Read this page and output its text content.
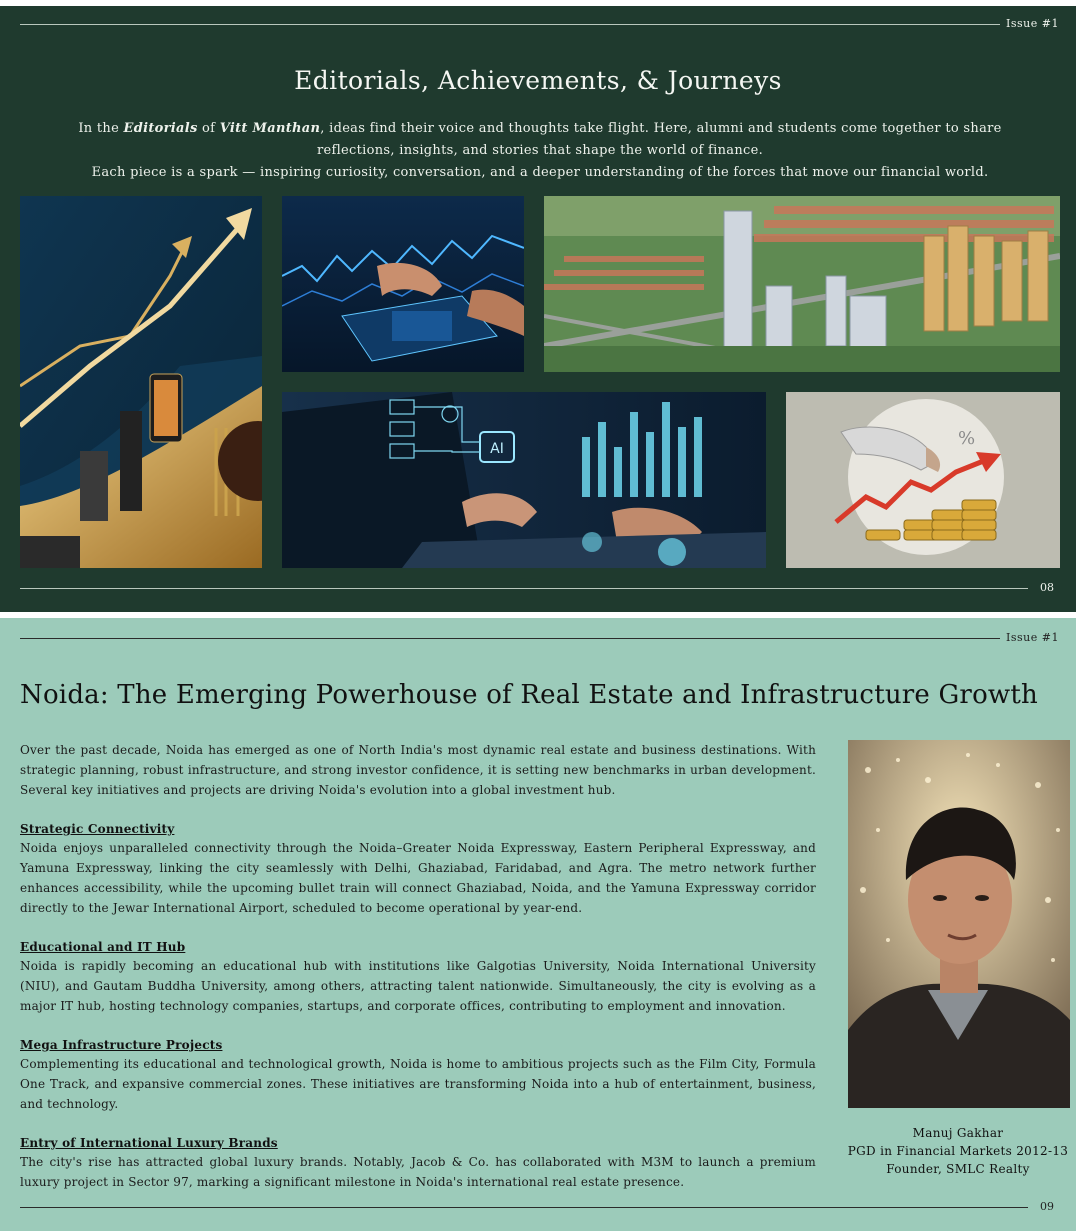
Issue #1
Editorials, Achievements, & Journeys
In the Editorials of Vitt Manthan, ideas find their voice and thoughts take flight. Here, alumni and students come together to share reflections, insights, and stories that shape the world of finance.
Each piece is a spark — inspiring curiosity, conversation, and a deeper understanding of the forces that move our financial world.
AI	%
08
Issue #1
Noida: The Emerging Powerhouse of Real Estate and Infrastructure Growth

Over the past decade, Noida has emerged as one of North India's most dynamic real estate and business destinations. With strategic planning, robust infrastructure, and strong investor confidence, it is setting new benchmarks in urban development. Several key initiatives and projects are driving Noida's evolution into a global investment hub.

Strategic Connectivity

Noida enjoys unparalleled connectivity through the Noida–Greater Noida Expressway, Eastern Peripheral Expressway, and Yamuna Expressway, linking the city seamlessly with Delhi, Ghaziabad, Faridabad, and Agra. The metro network further enhances accessibility, while the upcoming bullet train will connect Ghaziabad, Noida, and the Yamuna Expressway corridor directly to the Jewar International Airport, scheduled to become operational by year-end.

Educational and IT Hub

Noida is rapidly becoming an educational hub with institutions like Galgotias University, Noida International University (NIU), and Gautam Buddha University, among others, attracting talent nationwide. Simultaneously, the city is evolving as a major IT hub, hosting technology companies, startups, and corporate offices, contributing to employment and innovation.

Mega Infrastructure Projects

Complementing its educational and technological growth, Noida is home to ambitious projects such as the Film City, Formula One Track, and expansive commercial zones. These initiatives are transforming Noida into a hub of entertainment, business, and technology.

Entry of International Luxury Brands

The city's rise has attracted global luxury brands. Notably, Jacob & Co. has collaborated with M3M to launch a premium luxury project in Sector 97, marking a significant milestone in Noida's international real estate presence.

Manuj Gakhar
PGD in Financial Markets 2012-13
Founder, SMLC Realty
09
